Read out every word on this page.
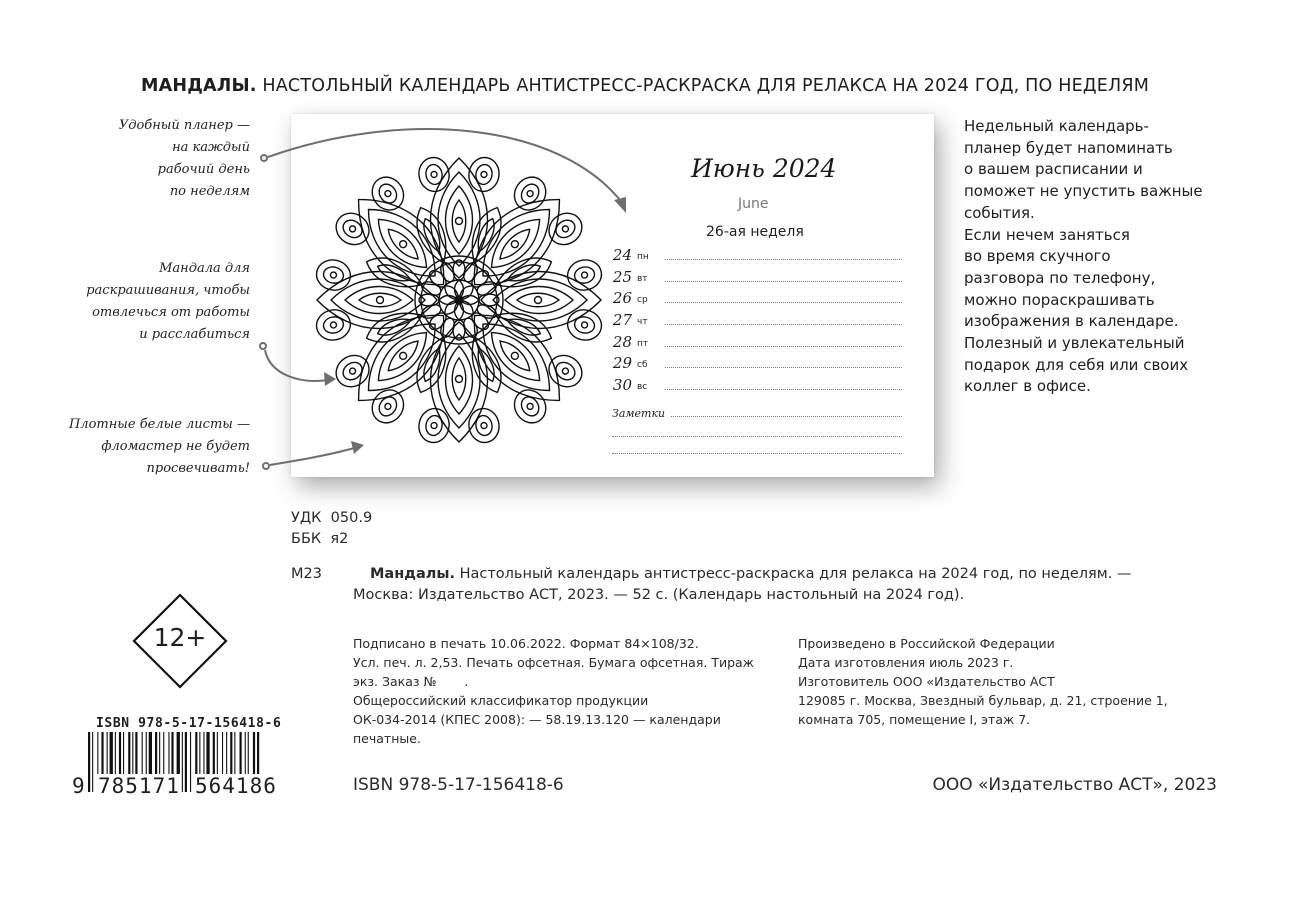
МАНДАЛЫ. НАСТОЛЬНЫЙ КАЛЕНДАРЬ АНТИСТРЕСС-РАСКРАСКА ДЛЯ РЕЛАКСА НА 2024 ГОД, ПО НЕДЕЛЯМ
Удобный планер —
на каждый
рабочий день
по неделям
Мандала для
раскрашивания, чтобы
отвлечься от работы
и расслабиться
Плотные белые листы —
фломастер не будет
просвечивать!
Июнь 2024
June
26-ая неделя
24 пн
25 вт
26 ср
27 чт
28 пт
29 сб
30 вс
Заметки
Недельный календарь-
планер будет напоминать
о вашем расписании и
поможет не упустить важные
события.
Если нечем заняться
во время скучного
разговора по телефону,
можно пораскрашивать
изображения в календаре.
Полезный и увлекательный
подарок для себя или своих
коллег в офисе.
УДК  050.9
ББК  я2
М23	Мандалы. Настольный календарь антистресс-раскраска для релакса на 2024 год, по неделям. —
Москва: Издательство АСТ, 2023. — 52 с. (Календарь настольный на 2024 год).
12+	Подписано в печать 10.06.2022. Формат 84×108/32.
Усл. печ. л. 2,53. Печать офсетная. Бумага офсетная. Тираж
экз. Заказ №       .
Общероссийский классификатор продукции
ОК-034-2014 (КПЕС 2008): — 58.19.13.120 — календари
печатные.
Произведено в Российской Федерации
Дата изготовления июль 2023 г.
Изготовитель ООО «Издательство АСТ
129085 г. Москва, Звездный бульвар, д. 21, строение 1,
комната 705, помещение I, этаж 7.
ISBN 978-5-17-156418-6
9 785171 564186	ISBN 978-5-17-156418-6	ООО «Издательство АСТ», 2023
